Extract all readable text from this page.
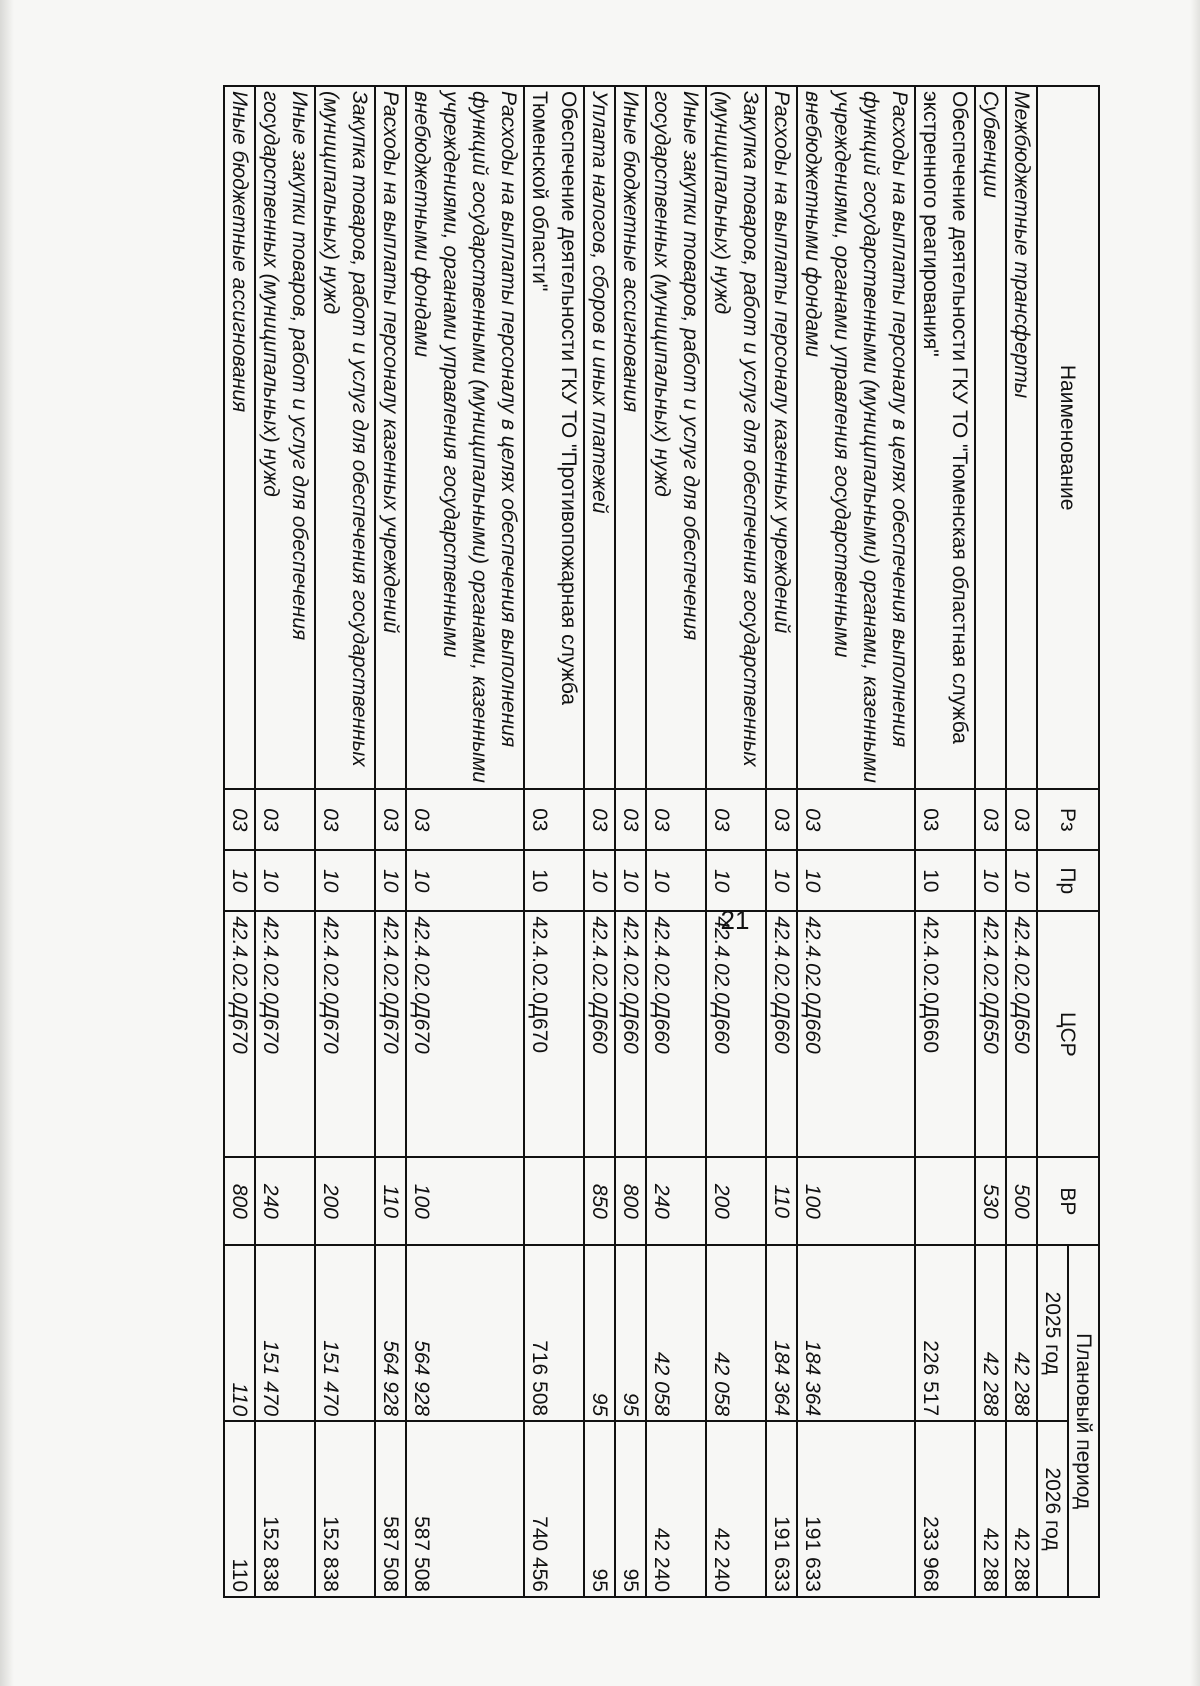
Наименование	Рз	Пр	ЦСР	ВР	Плановый период	
					2025 год	2026 год
Межбюджетные трансферты	03	10	42.4.02.0Д650	500	42 288	42 288
Субвенции	03	10	42.4.02.0Д650	530	42 288	42 288
Обеспечение деятельности ГКУ ТО "Тюменская областная служба экстренного реагирования"	03	10	42.4.02.0Д660		226 517	233 968
Расходы на выплаты персоналу в целях обеспечения выполнения функций государственными (муниципальными) органами, казенными учреждениями, органами управления государственными внебюджетными фондами	03	10	42.4.02.0Д660	100	184 364	191 633
Расходы на выплаты персоналу казенных учреждений	03	10	42.4.02.0Д660	110	184 364	191 633
Закупка товаров, работ и услуг для обеспечения государственных (муниципальных) нужд	03	10	42.4.02.0Д660	200	42 058	42 240
Иные закупки товаров, работ и услуг для обеспечения государственных (муниципальных) нужд	03	10	42.4.02.0Д660	240	42 058	42 240
Иные бюджетные ассигнования	03	10	42.4.02.0Д660	800	95	95
Уплата налогов, сборов и иных платежей	03	10	42.4.02.0Д660	850	95	95
Обеспечение деятельности ГКУ ТО "Противопожарная служба Тюменской области"	03	10	42.4.02.0Д670		716 508	740 456
Расходы на выплаты персоналу в целях обеспечения выполнения функций государственными (муниципальными) органами, казенными учреждениями, органами управления государственными внебюджетными фондами	03	10	42.4.02.0Д670	100	564 928	587 508
Расходы на выплаты персоналу казенных учреждений	03	10	42.4.02.0Д670	110	564 928	587 508
Закупка товаров, работ и услуг для обеспечения государственных (муниципальных) нужд	03	10	42.4.02.0Д670	200	151 470	152 838
Иные закупки товаров, работ и услуг для обеспечения государственных (муниципальных) нужд	03	10	42.4.02.0Д670	240	151 470	152 838
Иные бюджетные ассигнования	03	10	42.4.02.0Д670	800	110	110
21
